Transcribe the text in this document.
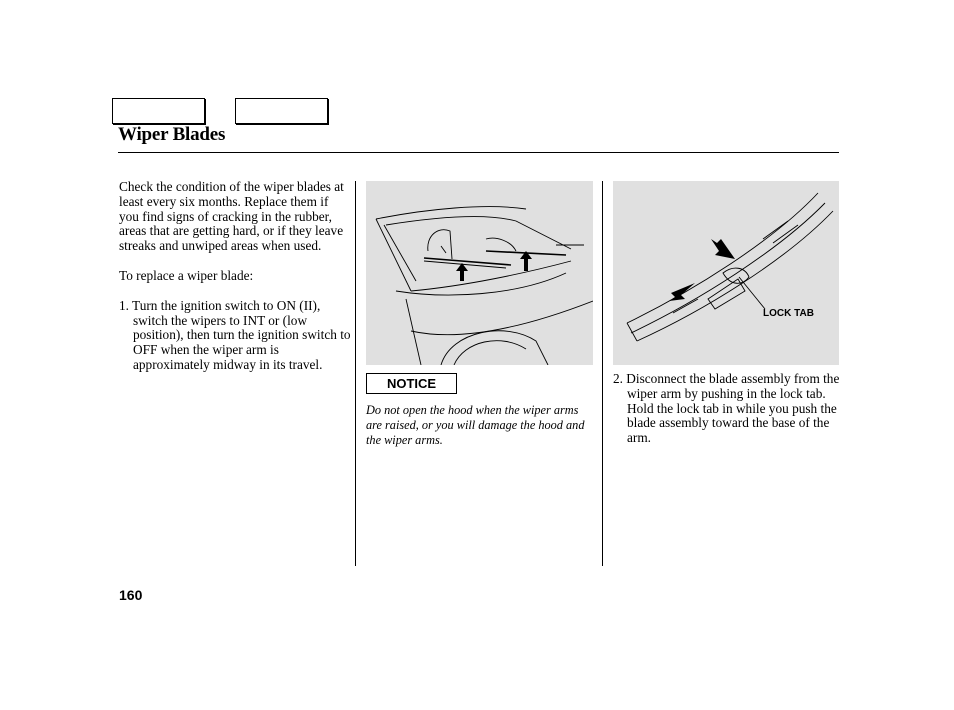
Wiper Blades

Check the condition of the wiper blades at least every six months. Replace them if you find signs of cracking in the rubber, areas that are getting hard, or if they leave streaks and unwiped areas when used.

To replace a wiper blade:

1. Turn the ignition switch to ON (II), switch the wipers to INT or (low position), then turn the ignition switch to OFF when the wiper arm is approximately midway in its travel.

LOCK TAB
NOTICE
Do not open the hood when the wiper arms are raised, or you will damage the hood and the wiper arms.
2. Disconnect the blade assembly from the wiper arm by pushing in the lock tab. Hold the lock tab in while you push the blade assembly toward the base of the arm.
160
